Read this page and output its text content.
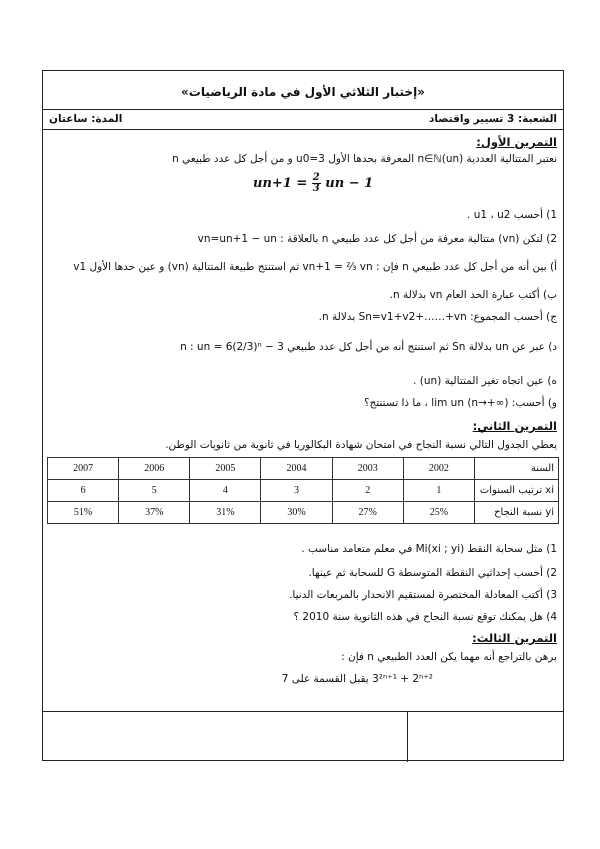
«إختبار الثلاثي الأول في مادة الرياضيات»
الشعبة: 3 تسيير واقتصاد
المدة: ساعتان
التمرين الأول:
نعتبر المتتالية العددية (un)n∈ℕ المعرفة بحدها الأول u0=3 و من أجل كل عدد طبيعي n
$un+1 = \frac{2}{3}$ un − 1
1) أحسب u1 ، u2 .
2) لتكن (vn) متتالية معرفة من أجل كل عدد طبيعي n بالعلاقة : vn=un+1 − un
أ) بين أنه من أجل كل عدد طبيعي n فإن : vn+1 = ⅔ vn ثم استنتج طبيعة المتتالية (vn) و عين حدها الأول v1
ب) أكتب عبارة الحد العام vn بدلالة n.
ج) أحسب المجموع: Sn=v1+v2+……+vn بدلالة n.
د) عبر عن un بدلالة Sn ثم استنتج أنه من أجل كل عدد طبيعي n : un = 6(2/3)ⁿ − 3
ه) عين اتجاه تغير المتتالية (un) .
و) أحسب: lim un (n→+∞) ، ما ذا تستنتج؟
التمرين الثاني:
يعطي الجدول التالي نسبة النجاح في امتحان شهادة البكالوريا في ثانوية من ثانويات الوطن.
2007	2006	2005	2004	2003	2002	السنة
6	5	4	3	2	1	ترتيب السنوات xi
51%	37%	31%	30%	27%	25%	نسبة النجاح yi
1) مثل سحابة النقط Mi(xi ; yi) في معلم متعامد مناسب .
2) أحسب إحداثيي النقطة المتوسطة G للسحابة ثم عينها.
3) أكتب المعادلة المختصرة لمستقيم الانحدار بالمربعات الدنيا.
4) هل يمكنك توقع نسبة النجاح في هذه الثانوية سنة 2010 ؟
التمرين الثالث:
برهن بالتراجع أنه مهما يكن العدد الطبيعي n فإن :
3²ⁿ⁺¹ + 2ⁿ⁺² يقبل القسمة على 7
